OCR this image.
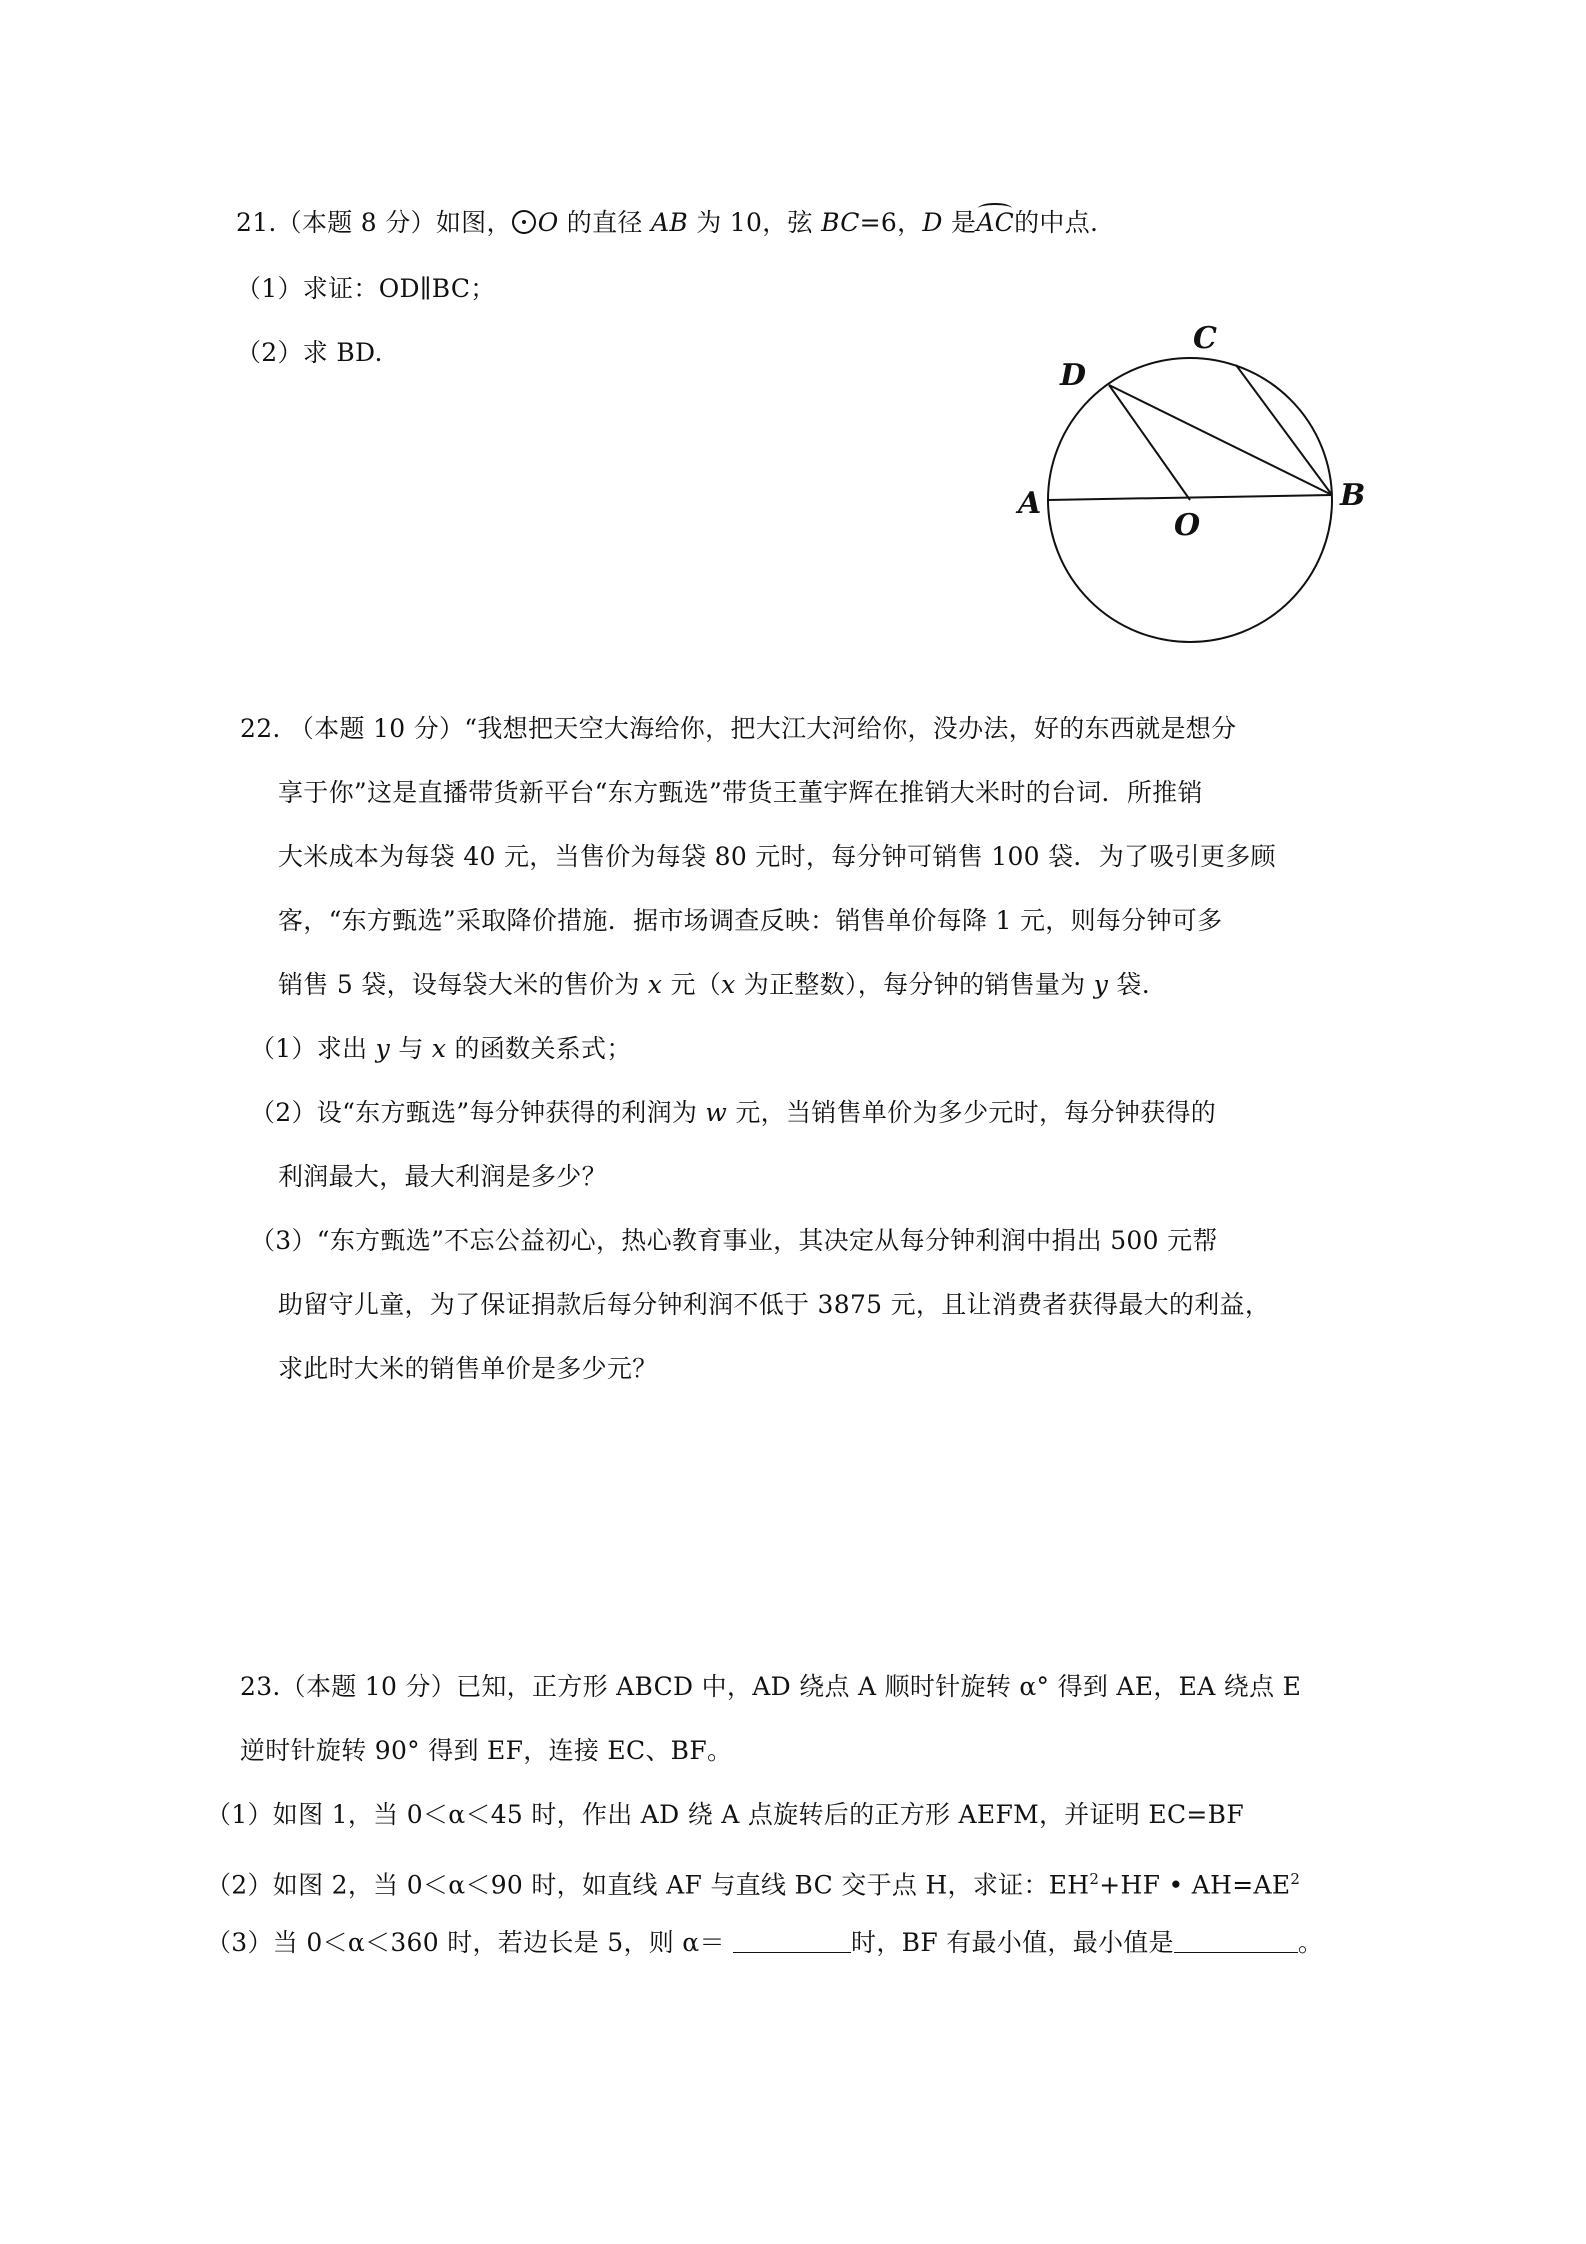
21.（本题 8 分）如图， O 的直径 AB 为 10，弦 BC=6，D 是AC的中点.
（1）求证：OD∥BC；
（2）求 BD.
A	B
C
D
O
22. （本题 10 分）“我想把天空大海给你，把大江大河给你，没办法，好的东西就是想分
享于你”这是直播带货新平台“东方甄选”带货王董宇辉在推销大米时的台词．所推销
大米成本为每袋 40 元，当售价为每袋 80 元时，每分钟可销售 100 袋．为了吸引更多顾
客，“东方甄选”采取降价措施．据市场调查反映：销售单价每降 1 元，则每分钟可多
销售 5 袋，设每袋大米的售价为 x 元（x 为正整数），每分钟的销售量为 y 袋.
（1）求出 y 与 x 的函数关系式；
（2）设“东方甄选”每分钟获得的利润为 w 元，当销售单价为多少元时，每分钟获得的
利润最大，最大利润是多少？
（3）“东方甄选”不忘公益初心，热心教育事业，其决定从每分钟利润中捐出 500 元帮
助留守儿童，为了保证捐款后每分钟利润不低于 3875 元，且让消费者获得最大的利益，
求此时大米的销售单价是多少元？
23.（本题 10 分）已知，正方形 ABCD 中，AD 绕点 A 顺时针旋转 α° 得到 AE，EA 绕点 E
逆时针旋转 90° 得到 EF，连接 EC、BF。
（1）如图 1，当 0＜α＜45 时，作出 AD 绕 A 点旋转后的正方形 AEFM，并证明 EC=BF
（2）如图 2，当 0＜α＜90 时，如直线 AF 与直线 BC 交于点 H，求证：$EH^2+HF$ • $AH=AE^2$
（3）当 0＜α＜360 时，若边长是 5，则 α＝	时，BF 有最小值，最小值是	。
